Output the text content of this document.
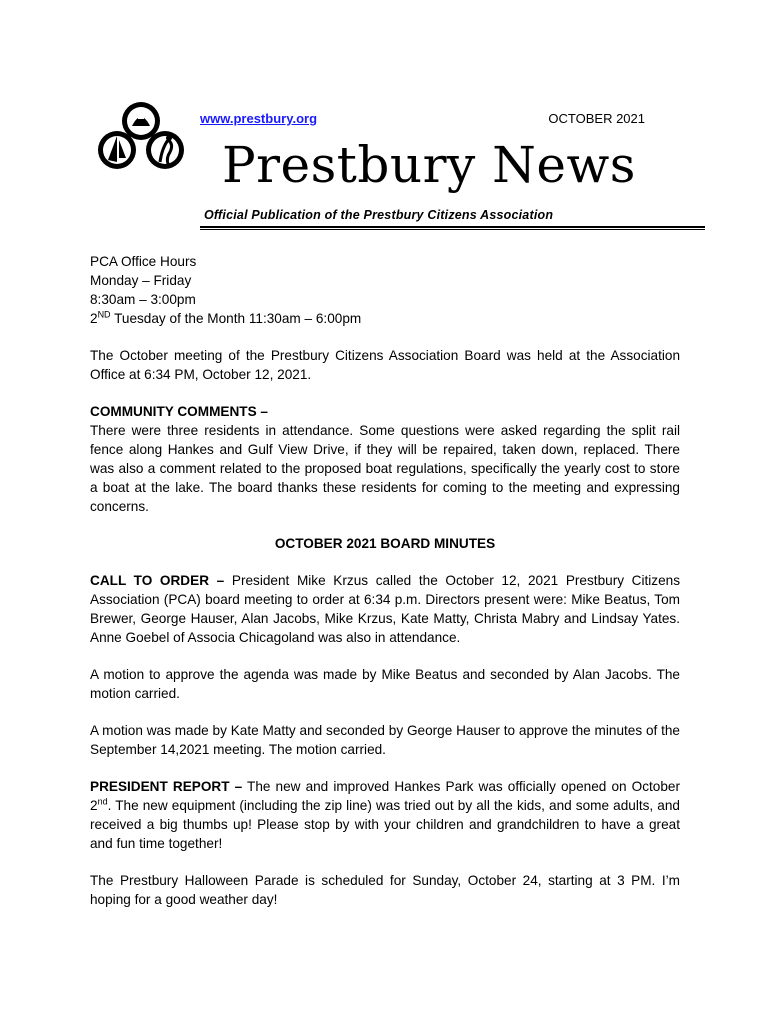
www.prestbury.org	OCTOBER 2021
Prestbury News
Official Publication of the Prestbury Citizens Association

PCA Office Hours
Monday – Friday
8:30am – 3:00pm
2ND Tuesday of the Month 11:30am – 6:00pm

The October meeting of the Prestbury Citizens Association Board was held at the Association Office at 6:34 PM, October 12, 2021.

COMMUNITY COMMENTS –
There were three residents in attendance. Some questions were asked regarding the split rail fence along Hankes and Gulf View Drive, if they will be repaired, taken down, replaced. There was also a comment related to the proposed boat regulations, specifically the yearly cost to store a boat at the lake. The board thanks these residents for coming to the meeting and expressing concerns.

OCTOBER 2021 BOARD MINUTES

CALL TO ORDER – President Mike Krzus called the October 12, 2021 Prestbury Citizens Association (PCA) board meeting to order at 6:34 p.m. Directors present were: Mike Beatus, Tom Brewer, George Hauser, Alan Jacobs, Mike Krzus, Kate Matty, Christa Mabry and Lindsay Yates. Anne Goebel of Associa Chicagoland was also in attendance.

A motion to approve the agenda was made by Mike Beatus and seconded by Alan Jacobs. The motion carried.

A motion was made by Kate Matty and seconded by George Hauser to approve the minutes of the September 14,2021 meeting. The motion carried.

PRESIDENT REPORT – The new and improved Hankes Park was officially opened on October 2nd. The new equipment (including the zip line) was tried out by all the kids, and some adults, and received a big thumbs up! Please stop by with your children and grandchildren to have a great and fun time together!

The Prestbury Halloween Parade is scheduled for Sunday, October 24, starting at 3 PM. I’m hoping for a good weather day!
